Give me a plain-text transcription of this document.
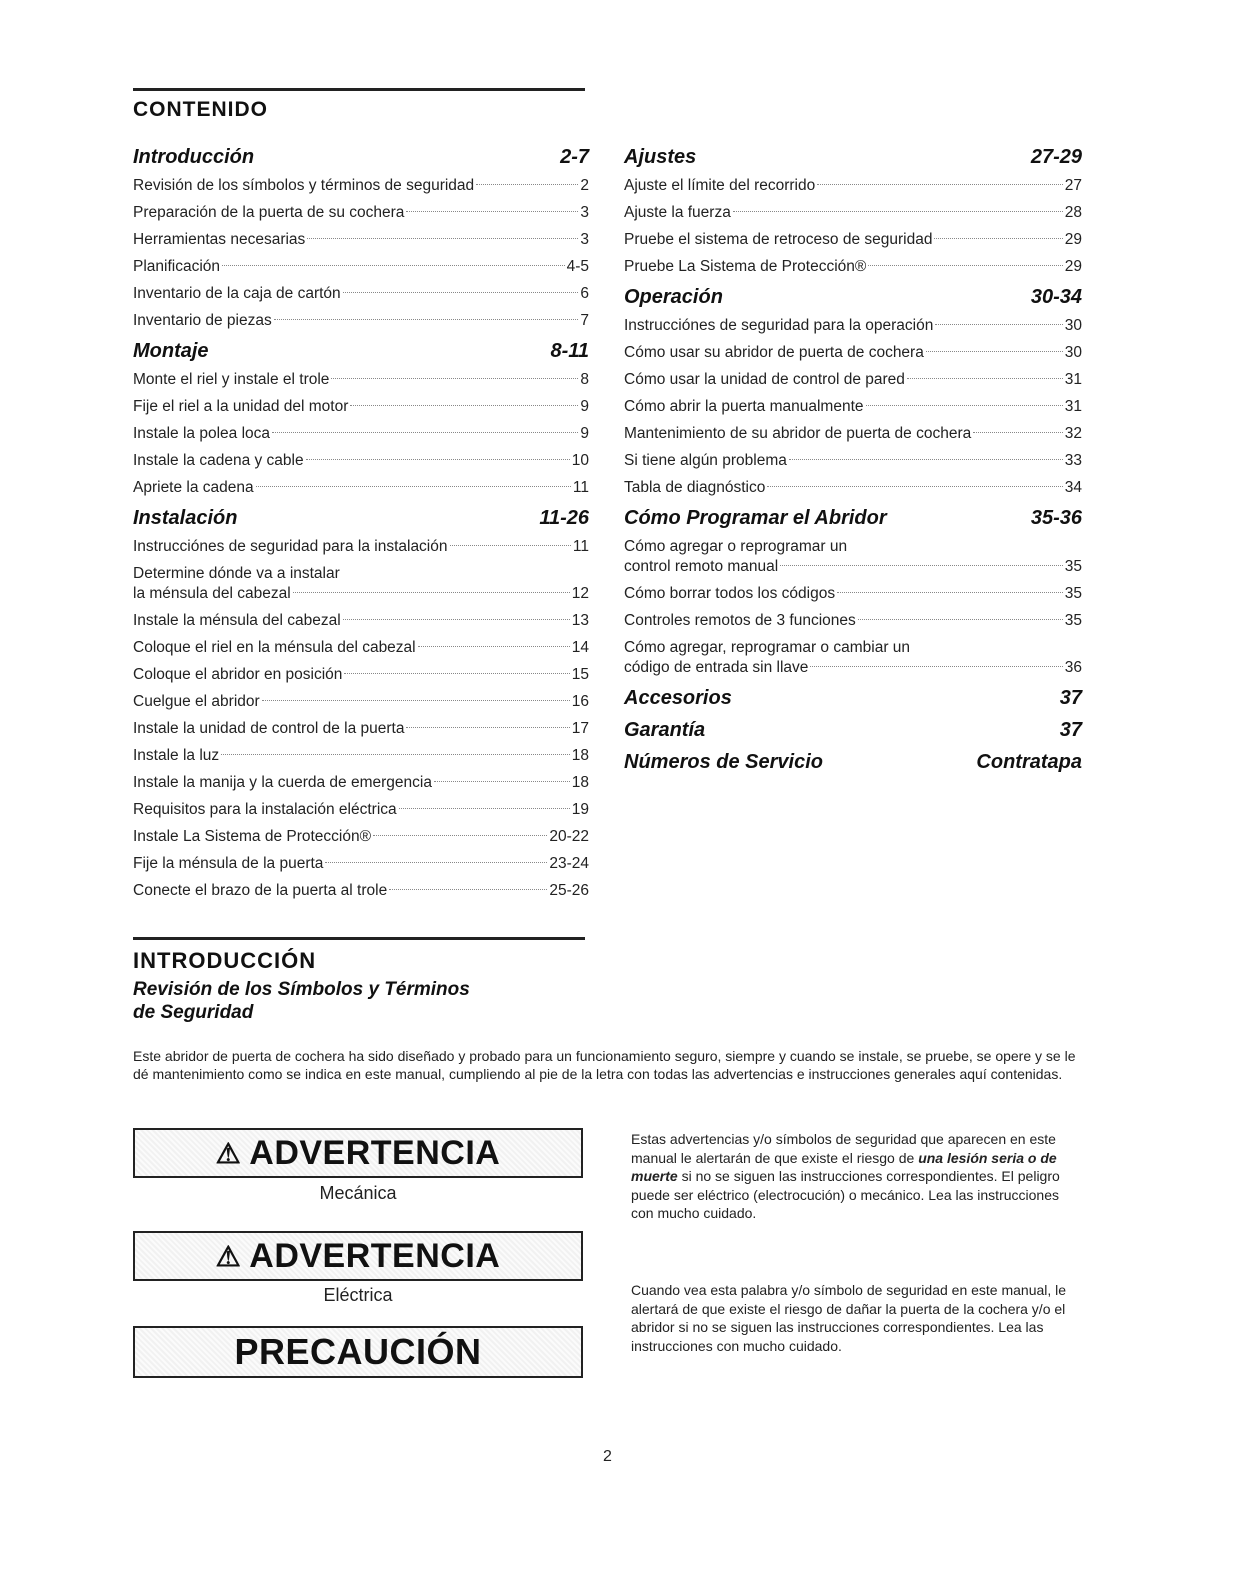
CONTENIDO
Introducción	2-7
Revisión de los símbolos y términos de seguridad	2
Preparación de la puerta de su cochera	3
Herramientas necesarias	3
Planificación	4-5
Inventario de la caja de cartón	6
Inventario de piezas	7
Montaje	8-11
Monte el riel y instale el trole	8
Fije el riel a la unidad del motor	9
Instale la polea loca	9
Instale la cadena y cable	10
Apriete la cadena	11
Instalación	11-26
Instrucciónes de seguridad para la instalación	11
Determine dónde va a instalar
la ménsula del cabezal	12
Instale la ménsula del cabezal	13
Coloque el riel en la ménsula del cabezal	14
Coloque el abridor en posición	15
Cuelgue el abridor	16
Instale la unidad de control de la puerta	17
Instale la luz	18
Instale la manija y la cuerda de emergencia	18
Requisitos para la instalación eléctrica	19
Instale La Sistema de Protección®	20-22
Fije la ménsula de la puerta	23-24
Conecte el brazo de la puerta al trole	25-26
Ajustes	27-29
Ajuste el límite del recorrido	27
Ajuste la fuerza	28
Pruebe el sistema de retroceso de seguridad	29
Pruebe La Sistema de Protección®	29
Operación	30-34
Instrucciónes de seguridad para la operación	30
Cómo usar su abridor de puerta de cochera	30
Cómo usar la unidad de control de pared	31
Cómo abrir la puerta manualmente	31
Mantenimiento de su abridor de puerta de cochera	32
Si tiene algún problema	33
Tabla de diagnóstico	34
Cómo Programar el Abridor	35-36
Cómo agregar o reprogramar un
control remoto manual	35
Cómo borrar todos los códigos	35
Controles remotos de 3 funciones	35
Cómo agregar, reprogramar o cambiar un
código de entrada sin llave	36
Accesorios	37
Garantía	37
Números de Servicio	Contratapa
INTRODUCCIÓN
Revisión de los Símbolos y Términos
de Seguridad
Este abridor de puerta de cochera ha sido diseñado y probado para un funcionamiento seguro, siempre y cuando se instale, se pruebe, se opere y se le dé mantenimiento como se indica en este manual, cumpliendo al pie de la letra con todas las advertencias e instrucciones generales aquí contenidas.
⚠ ADVERTENCIA
Mecánica
⚠ ADVERTENCIA
Eléctrica
PRECAUCIÓN
Estas advertencias y/o símbolos de seguridad que aparecen en este manual le alertarán de que existe el riesgo de una lesión seria o de muerte si no se siguen las instrucciones correspondientes. El peligro puede ser eléctrico (electrocución) o mecánico. Lea las instrucciones con mucho cuidado.
Cuando vea esta palabra y/o símbolo de seguridad en este manual, le alertará de que existe el riesgo de dañar la puerta de la cochera y/o el abridor si no se siguen las instrucciones correspondientes. Lea las instrucciones con mucho cuidado.
2
